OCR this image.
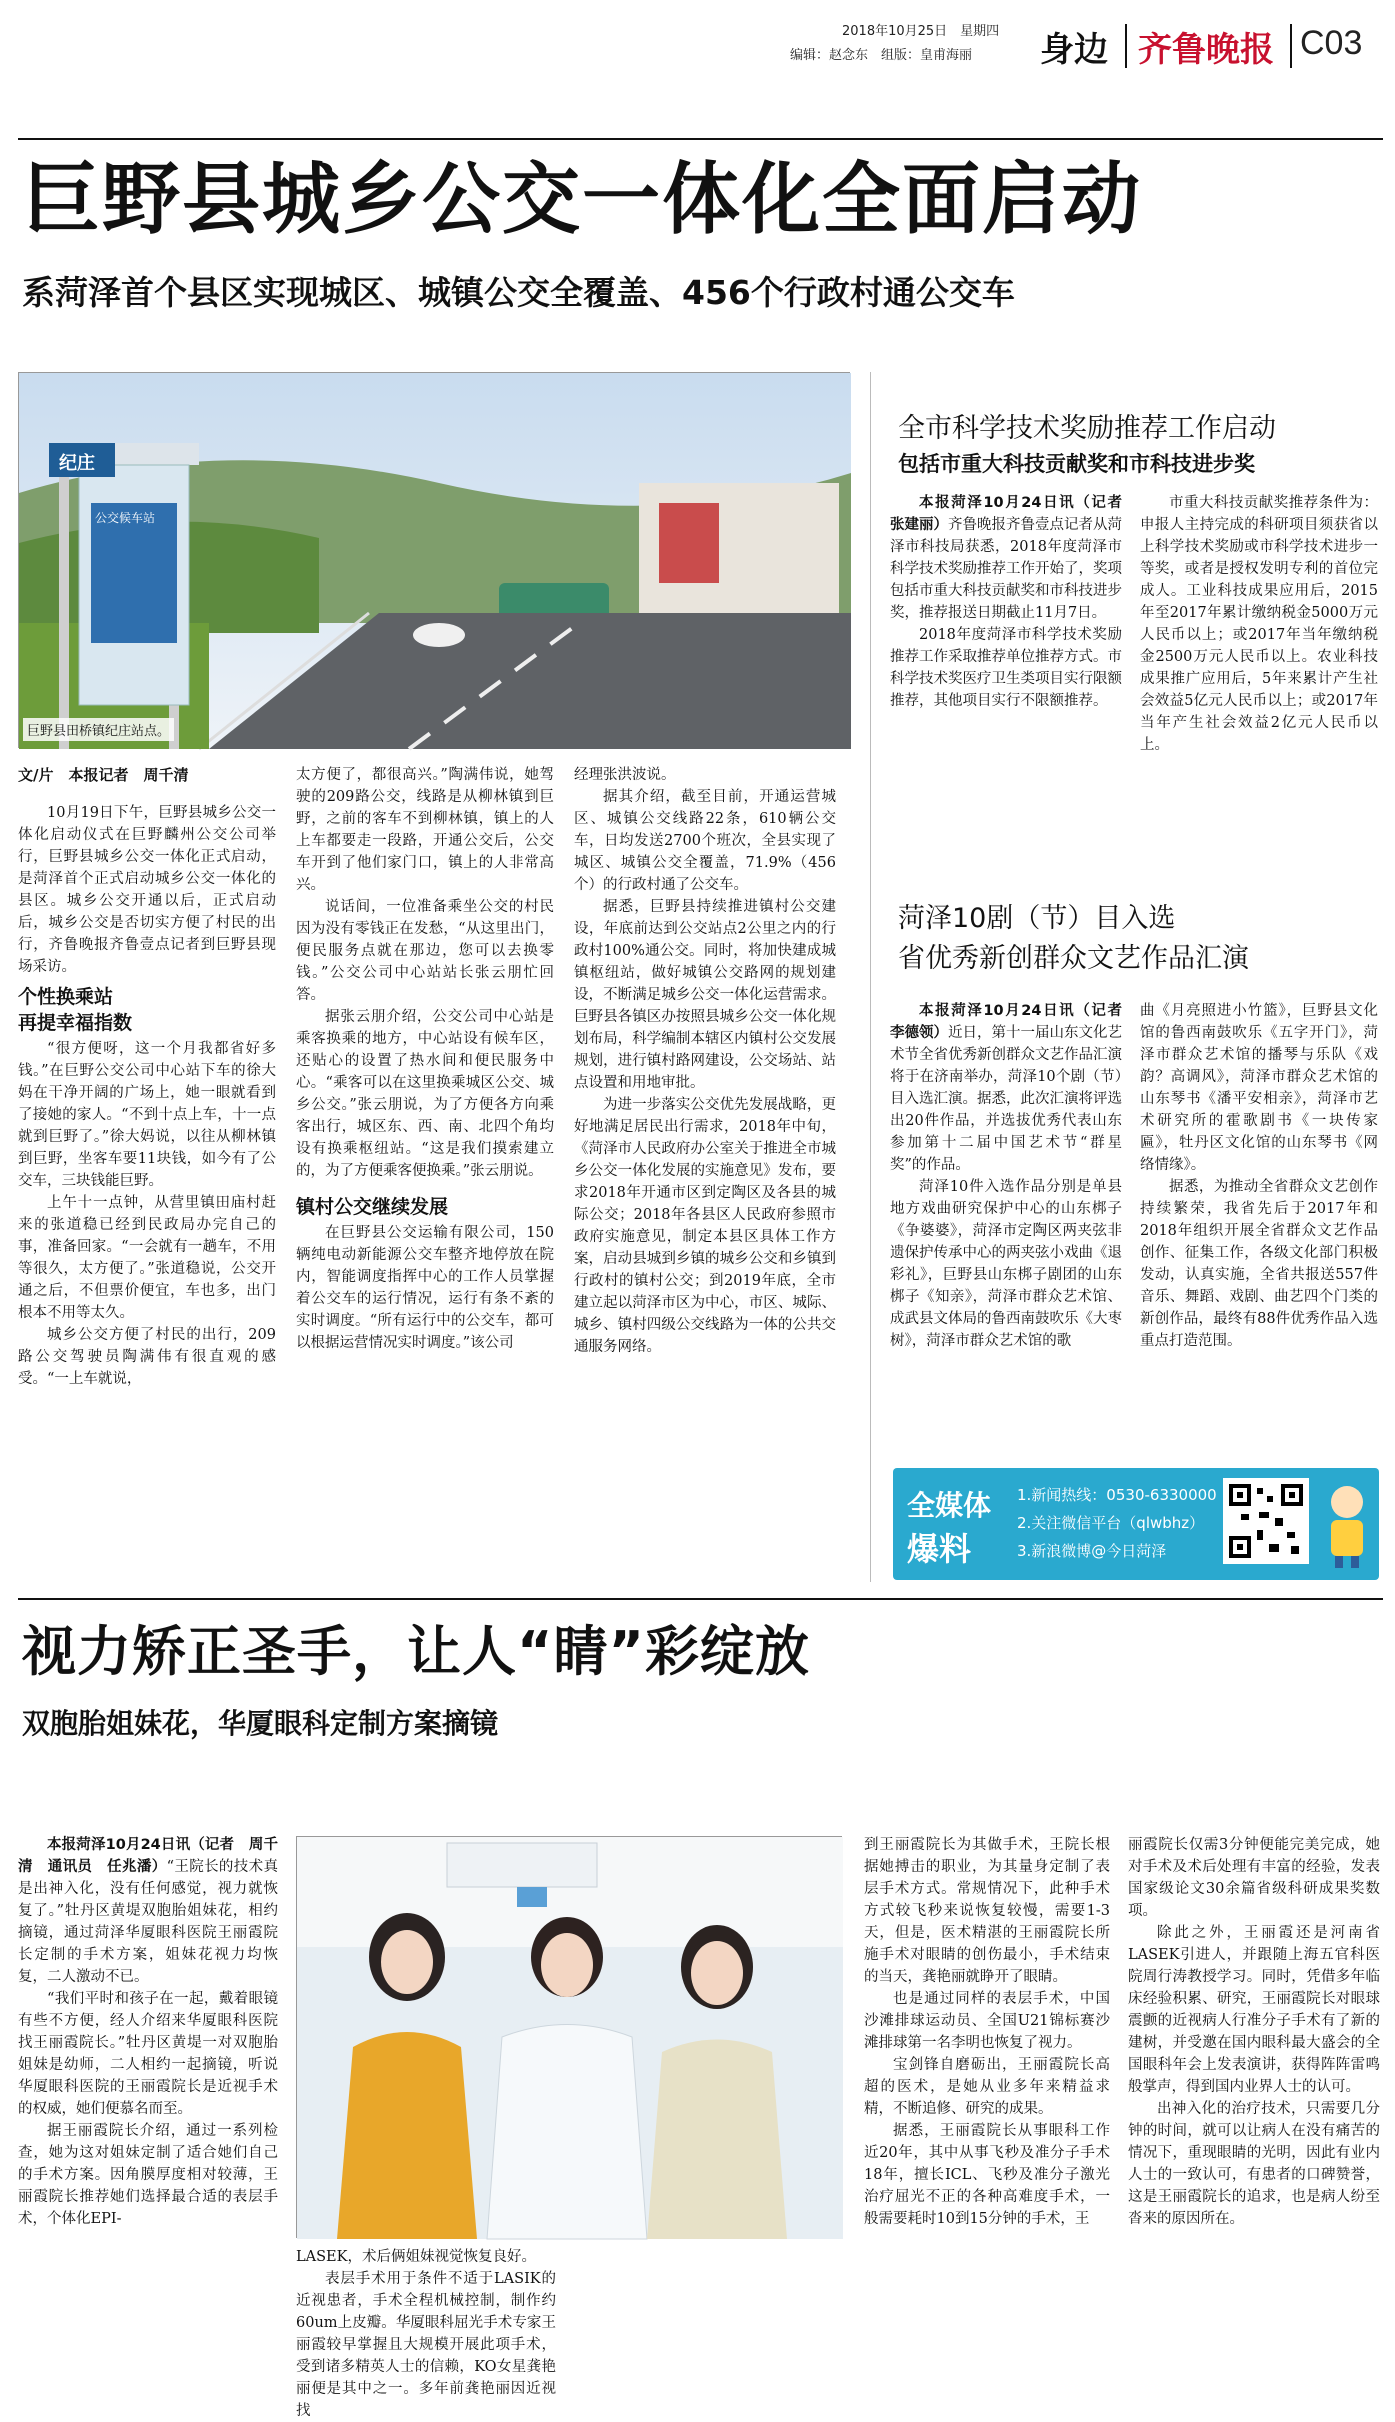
2018年10月25日　星期四
编辑：赵念东　组版：皇甫海丽 身边 齐鲁晚报 C03
巨野县城乡公交一体化全面启动
系菏泽首个县区实现城区、城镇公交全覆盖、456个行政村通公交车
纪庄
公交候车站
巨野县田桥镇纪庄站点。
文/片　本报记者　周千清

10月19日下午，巨野县城乡公交一体化启动仪式在巨野麟州公交公司举行，巨野县城乡公交一体化正式启动，是菏泽首个正式启动城乡公交一体化的县区。城乡公交开通以后，正式启动后，城乡公交是否切实方便了村民的出行，齐鲁晚报齐鲁壹点记者到巨野县现场采访。

个性换乘站
再提幸福指数

“很方便呀，这一个月我都省好多钱。”在巨野公交公司中心站下车的徐大妈在干净开阔的广场上，她一眼就看到了接她的家人。“不到十点上车，十一点就到巨野了。”徐大妈说，以往从柳林镇到巨野，坐客车要11块钱，如今有了公交车，三块钱能巨野。

上午十一点钟，从营里镇田庙村赶来的张道稳已经到民政局办完自己的事，准备回家。“一会就有一趟车，不用等很久，太方便了。”张道稳说，公交开通之后，不但票价便宜，车也多，出门根本不用等太久。

城乡公交方便了村民的出行，209路公交驾驶员陶满伟有很直观的感受。“一上车就说，

太方便了，都很高兴。”陶满伟说，她驾驶的209路公交，线路是从柳林镇到巨野，之前的客车不到柳林镇，镇上的人上车都要走一段路，开通公交后，公交车开到了他们家门口，镇上的人非常高兴。

说话间，一位准备乘坐公交的村民因为没有零钱正在发愁，“从这里出门，便民服务点就在那边，您可以去换零钱。”公交公司中心站站长张云朋忙回答。

据张云朋介绍，公交公司中心站是乘客换乘的地方，中心站设有候车区，还贴心的设置了热水间和便民服务中心。“乘客可以在这里换乘城区公交、城乡公交。”张云朋说，为了方便各方向乘客出行，城区东、西、南、北四个角均设有换乘枢纽站。“这是我们摸索建立的，为了方便乘客便换乘。”张云朋说。

镇村公交继续发展

在巨野县公交运输有限公司，150辆纯电动新能源公交车整齐地停放在院内，智能调度指挥中心的工作人员掌握着公交车的运行情况，运行有条不紊的实时调度。“所有运行中的公交车，都可以根据运营情况实时调度。”该公司

经理张洪波说。

据其介绍，截至目前，开通运营城区、城镇公交线路22条，610辆公交车，日均发送2700个班次，全县实现了城区、城镇公交全覆盖，71.9%（456个）的行政村通了公交车。

据悉，巨野县持续推进镇村公交建设，年底前达到公交站点2公里之内的行政村100%通公交。同时，将加快建成城镇枢纽站，做好城镇公交路网的规划建设，不断满足城乡公交一体化运营需求。巨野县各镇区办按照县城乡公交一体化规划布局，科学编制本辖区内镇村公交发展规划，进行镇村路网建设，公交场站、站点设置和用地审批。

为进一步落实公交优先发展战略，更好地满足居民出行需求，2018年中旬，《菏泽市人民政府办公室关于推进全市城乡公交一体化发展的实施意见》发布，要求2018年开通市区到定陶区及各县的城际公交；2018年各县区人民政府参照市政府实施意见，制定本县区具体工作方案，启动县城到乡镇的城乡公交和乡镇到行政村的镇村公交；到2019年底，全市建立起以菏泽市区为中心，市区、城际、城乡、镇村四级公交线路为一体的公共交通服务网络。

全市科学技术奖励推荐工作启动
包括市重大科技贡献奖和市科技进步奖

本报菏泽10月24日讯（记者　张建丽）齐鲁晚报齐鲁壹点记者从菏泽市科技局获悉，2018年度菏泽市科学技术奖励推荐工作开始了，奖项包括市重大科技贡献奖和市科技进步奖，推荐报送日期截止11月7日。

2018年度菏泽市科学技术奖励推荐工作采取推荐单位推荐方式。市科学技术奖医疗卫生类项目实行限额推荐，其他项目实行不限额推荐。

市重大科技贡献奖推荐条件为：申报人主持完成的科研项目须获省以上科学技术奖励或市科学技术进步一等奖，或者是授权发明专利的首位完成人。工业科技成果应用后，2015年至2017年累计缴纳税金5000万元人民币以上；或2017年当年缴纳税金2500万元人民币以上。农业科技成果推广应用后，5年来累计产生社会效益5亿元人民币以上；或2017年当年产生社会效益2亿元人民币以上。

菏泽10剧（节）目入选
省优秀新创群众文艺作品汇演

本报菏泽10月24日讯（记者　李德领）近日，第十一届山东文化艺术节全省优秀新创群众文艺作品汇演将于在济南举办，菏泽10个剧（节）目入选汇演。据悉，此次汇演将评选出20件作品，并选拔优秀代表山东参加第十二届中国艺术节“群星奖”的作品。

菏泽10件入选作品分别是单县地方戏曲研究保护中心的山东梆子《争婆婆》，菏泽市定陶区两夹弦非遗保护传承中心的两夹弦小戏曲《退彩礼》，巨野县山东梆子剧团的山东梆子《知亲》，菏泽市群众艺术馆、成武县文体局的鲁西南鼓吹乐《大枣树》，菏泽市群众艺术馆的歌

曲《月亮照进小竹篮》，巨野县文化馆的鲁西南鼓吹乐《五字开门》，菏泽市群众艺术馆的播琴与乐队《戏韵？高调风》，菏泽市群众艺术馆的山东琴书《潘平安相亲》，菏泽市艺术研究所的霍歌剧书《一块传家匾》，牡丹区文化馆的山东琴书《网络情缘》。

据悉，为推动全省群众文艺创作持续繁荣，我省先后于2017年和2018年组织开展全省群众文艺作品创作、征集工作，各级文化部门积极发动，认真实施，全省共报送557件音乐、舞蹈、戏剧、曲艺四个门类的新创作品，最终有88件优秀作品入选重点打造范围。

全媒体
爆料
1.新闻热线：0530-6330000
2.关注微信平台（qlwbhz）
3.新浪微博@今日菏泽
视力矫正圣手，让人“睛”彩绽放
双胞胎姐妹花，华厦眼科定制方案摘镜

本报菏泽10月24日讯（记者　周千清　通讯员　任兆潘）“王院长的技术真是出神入化，没有任何感觉，视力就恢复了。”牡丹区黄堤双胞胎姐妹花，相约摘镜，通过菏泽华厦眼科医院王丽霞院长定制的手术方案，姐妹花视力均恢复，二人激动不已。

“我们平时和孩子在一起，戴着眼镜有些不方便，经人介绍来华厦眼科医院找王丽霞院长。”牡丹区黄堤一对双胞胎姐妹是幼师，二人相约一起摘镜，听说华厦眼科医院的王丽霞院长是近视手术的权威，她们便慕名而至。

据王丽霞院长介绍，通过一系列检查，她为这对姐妹定制了适合她们自己的手术方案。因角膜厚度相对较薄，王丽霞院长推荐她们选择最合适的表层手术，个体化EPI-

LASEK，术后俩姐妹视觉恢复良好。

表层手术用于条件不适于LASIK的近视患者，手术全程机械控制，制作约60um上皮瓣。华厦眼科屈光手术专家王丽霞较早掌握且大规模开展此项手术，受到诸多精英人士的信赖，KO女星龚艳丽便是其中之一。多年前龚艳丽因近视找

到王丽霞院长为其做手术，王院长根据她搏击的职业，为其量身定制了表层手术方式。常规情况下，此种手术方式较飞秒来说恢复较慢，需要1-3天，但是，医术精湛的王丽霞院长所施手术对眼睛的创伤最小，手术结束的当天，龚艳丽就睁开了眼睛。

也是通过同样的表层手术，中国沙滩排球运动员、全国U21锦标赛沙滩排球第一名李明也恢复了视力。

宝剑锋自磨砺出，王丽霞院长高超的医术，是她从业多年来精益求精，不断追修、研究的成果。

据悉，王丽霞院长从事眼科工作近20年，其中从事飞秒及准分子手术18年，擅长ICL、飞秒及准分子激光治疗屈光不正的各种高难度手术，一般需要耗时10到15分钟的手术，王

丽霞院长仅需3分钟便能完美完成，她对手术及术后处理有丰富的经验，发表国家级论文30余篇省级科研成果奖数项。

除此之外，王丽霞还是河南省LASEK引进人，并跟随上海五官科医院周行涛教授学习。同时，凭借多年临床经验积累、研究，王丽霞院长对眼球震颤的近视病人行准分子手术有了新的建树，并受邀在国内眼科最大盛会的全国眼科年会上发表演讲，获得阵阵雷鸣般掌声，得到国内业界人士的认可。

出神入化的治疗技术，只需要几分钟的时间，就可以让病人在没有痛苦的情况下，重现眼睛的光明，因此有业内人士的一致认可，有患者的口碑赞誉，这是王丽霞院长的追求，也是病人纷至沓来的原因所在。
